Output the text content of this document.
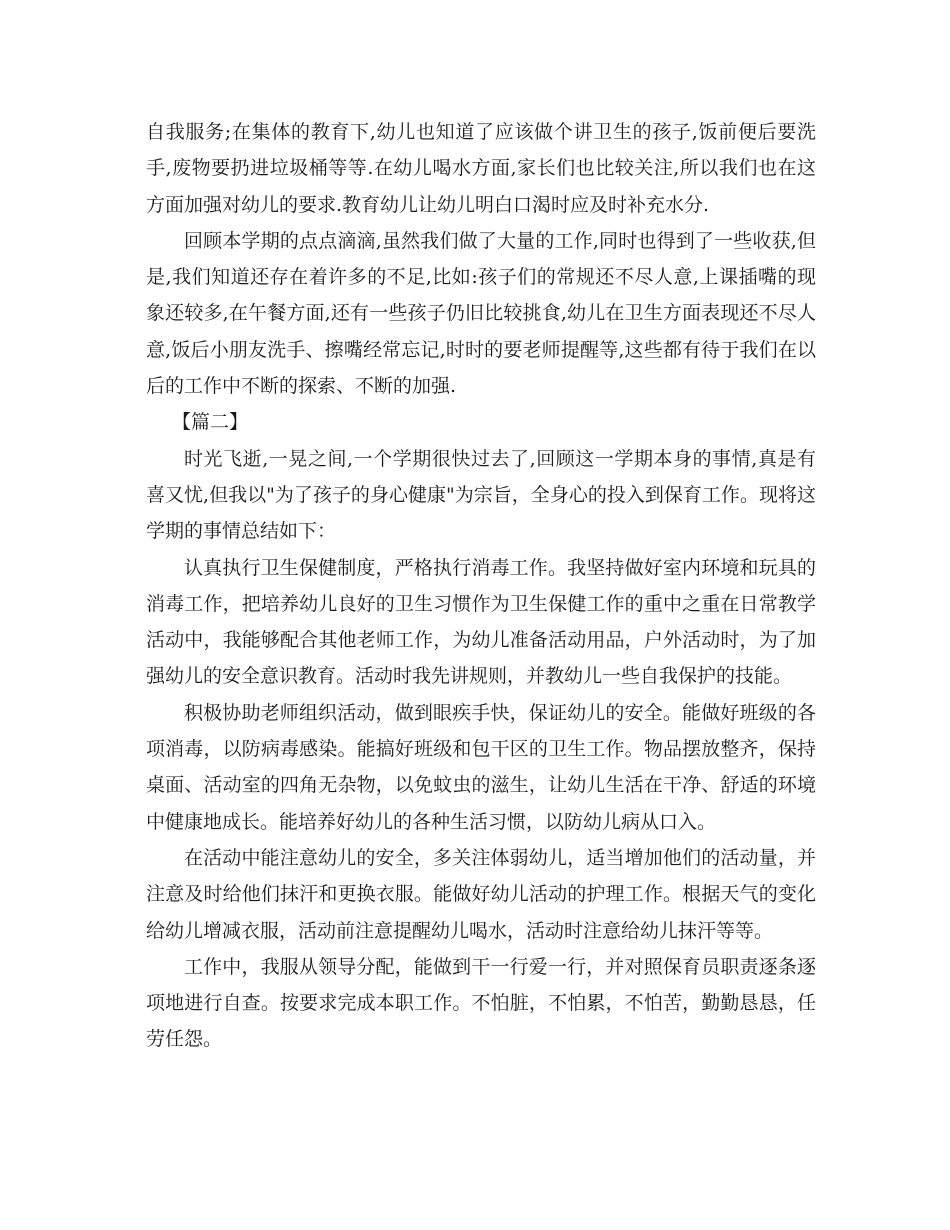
自我服务;在集体的教育下,幼儿也知道了应该做个讲卫生的孩子,饭前便后要洗手,废物要扔进垃圾桶等等.在幼儿喝水方面,家长们也比较关注,所以我们也在这方面加强对幼儿的要求.教育幼儿让幼儿明白口渴时应及时补充水分.

回顾本学期的点点滴滴,虽然我们做了大量的工作,同时也得到了一些收获,但是,我们知道还存在着许多的不足,比如:孩子们的常规还不尽人意,上课插嘴的现象还较多,在午餐方面,还有一些孩子仍旧比较挑食,幼儿在卫生方面表现还不尽人意,饭后小朋友洗手、擦嘴经常忘记,时时的要老师提醒等,这些都有待于我们在以后的工作中不断的探索、不断的加强.

【篇二】

时光飞逝,一晃之间,一个学期很快过去了,回顾这一学期本身的事情,真是有喜又忧,但我以"为了孩子的身心健康"为宗旨，全身心的投入到保育工作。现将这学期的事情总结如下：

认真执行卫生保健制度，严格执行消毒工作。我坚持做好室内环境和玩具的消毒工作，把培养幼儿良好的卫生习惯作为卫生保健工作的重中之重在日常教学活动中，我能够配合其他老师工作，为幼儿准备活动用品，户外活动时，为了加强幼儿的安全意识教育。活动时我先讲规则，并教幼儿一些自我保护的技能。

积极协助老师组织活动，做到眼疾手快，保证幼儿的安全。能做好班级的各项消毒，以防病毒感染。能搞好班级和包干区的卫生工作。物品摆放整齐，保持桌面、活动室的四角无杂物，以免蚊虫的滋生，让幼儿生活在干净、舒适的环境中健康地成长。能培养好幼儿的各种生活习惯，以防幼儿病从口入。

在活动中能注意幼儿的安全，多关注体弱幼儿，适当增加他们的活动量，并注意及时给他们抹汗和更换衣服。能做好幼儿活动的护理工作。根据天气的变化给幼儿增减衣服，活动前注意提醒幼儿喝水，活动时注意给幼儿抹汗等等。

工作中，我服从领导分配，能做到干一行爱一行，并对照保育员职责逐条逐项地进行自查。按要求完成本职工作。不怕脏，不怕累，不怕苦，勤勤恳恳，任劳任怨。
